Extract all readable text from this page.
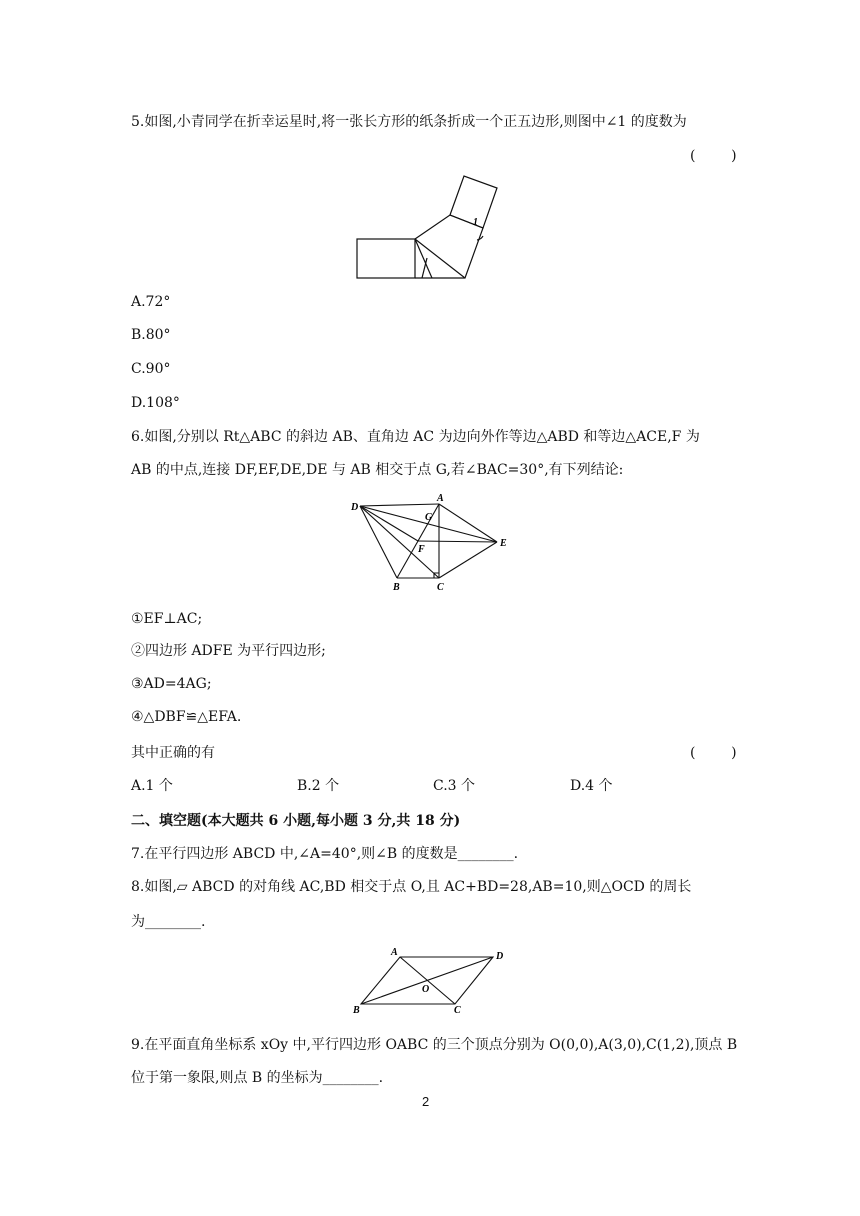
5.如图,小青同学在折幸运星时,将一张长方形的纸条折成一个正五边形,则图中∠1 的度数为
(        )
1
A.72°
B.80°
C.90°
D.108°
6.如图,分别以 Rt△ABC 的斜边 AB、直角边 AC 为边向外作等边△ABD 和等边△ACE,F 为
AB 的中点,连接 DF,EF,DE,DE 与 AB 相交于点 G,若∠BAC=30°,有下列结论:
D
A
G
E
F
B	C
①EF⊥AC;
②四边形 ADFE 为平行四边形;
③AD=4AG;
④△DBF≌△EFA.
其中正确的有	(        )
A.1 个	B.2 个	C.3 个	D.4 个
二、填空题(本大题共 6 小题,每小题 3 分,共 18 分)
7.在平行四边形 ABCD 中,∠A=40°,则∠B 的度数是________.
8.如图,▱ ABCD 的对角线 AC,BD 相交于点 O,且 AC+BD=28,AB=10,则△OCD 的周长
为________.
A	D
O
B	C
9.在平面直角坐标系 xOy 中,平行四边形 OABC 的三个顶点分别为 O(0,0),A(3,0),C(1,2),顶点 B
位于第一象限,则点 B 的坐标为________.
2
